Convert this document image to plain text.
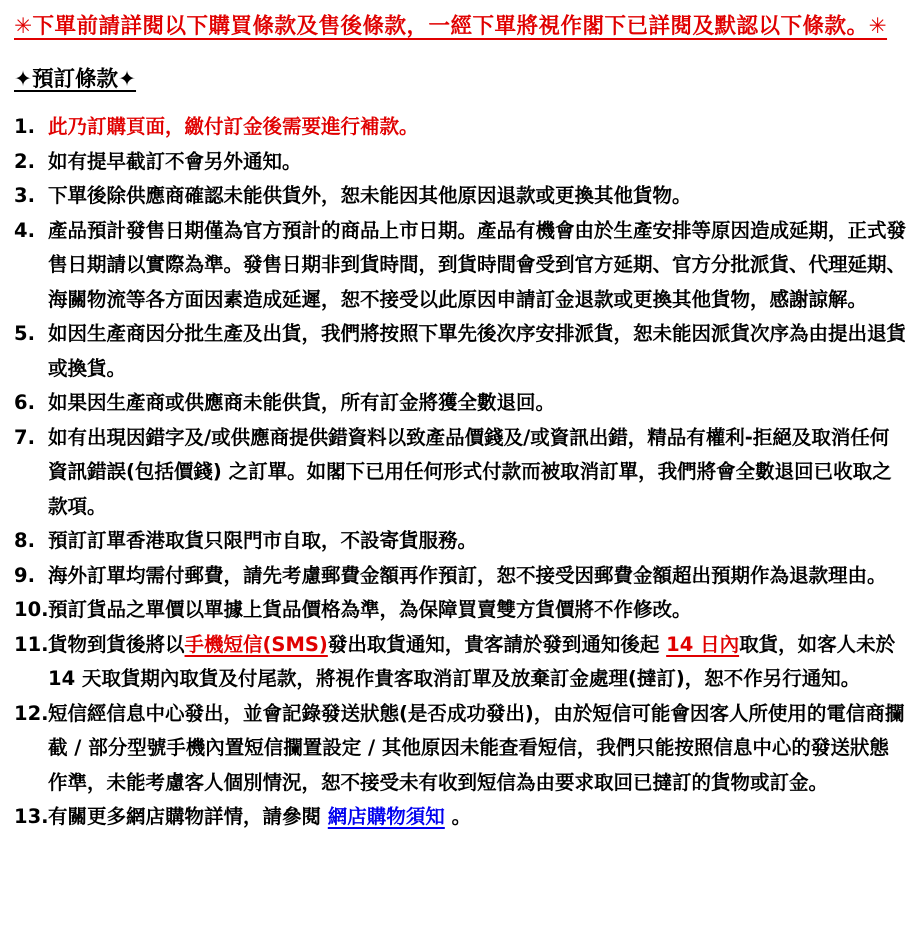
✳下單前請詳閱以下購買條款及售後條款，一經下單將視作閣下已詳閱及默認以下條款。✳
✦預訂條款✦
1. 此乃訂購頁面，繳付訂金後需要進行補款。

2. 如有提早截訂不會另外通知。

3. 下單後除供應商確認未能供貨外，恕未能因其他原因退款或更換其他貨物。

4. 產品預計發售日期僅為官方預計的商品上市日期。產品有機會由於生產安排等原因造成延期，正式發售日期請以實際為準。發售日期非到貨時間，到貨時間會受到官方延期、官方分批派貨、代理延期、海關物流等各方面因素造成延遲，恕不接受以此原因申請訂金退款或更換其他貨物，感謝諒解。

5. 如因生產商因分批生產及出貨，我們將按照下單先後次序安排派貨，恕未能因派貨次序為由提出退貨或換貨。

6. 如果因生產商或供應商未能供貨，所有訂金將獲全數退回。

7. 如有出現因錯字及/或供應商提供錯資料以致產品價錢及/或資訊出錯，精品有權利-拒絕及取消任何資訊錯誤(包括價錢) 之訂單。如閣下已用任何形式付款而被取消訂單，我們將會全數退回已收取之款項。

8. 預訂訂單香港取貨只限門市自取，不設寄貨服務。

9. 海外訂單均需付郵費，請先考慮郵費金額再作預訂，恕不接受因郵費金額超出預期作為退款理由。

10. 預訂貨品之單價以單據上貨品價格為準，為保障買賣雙方貨價將不作修改。

11. 貨物到貨後將以手機短信(SMS)發出取貨通知，貴客請於發到通知後起 14 日內取貨，如客人未於 14 天取貨期內取貨及付尾款，將視作貴客取消訂單及放棄訂金處理(撻訂)，恕不作另行通知。

12. 短信經信息中心發出，並會記錄發送狀態(是否成功發出)，由於短信可能會因客人所使用的電信商攔截 / 部分型號手機內置短信攔置設定 / 其他原因未能查看短信，我們只能按照信息中心的發送狀態作準，未能考慮客人個別情況，恕不接受未有收到短信為由要求取回已撻訂的貨物或訂金。

13. 有關更多網店購物詳情，請參閱 網店購物須知 。
